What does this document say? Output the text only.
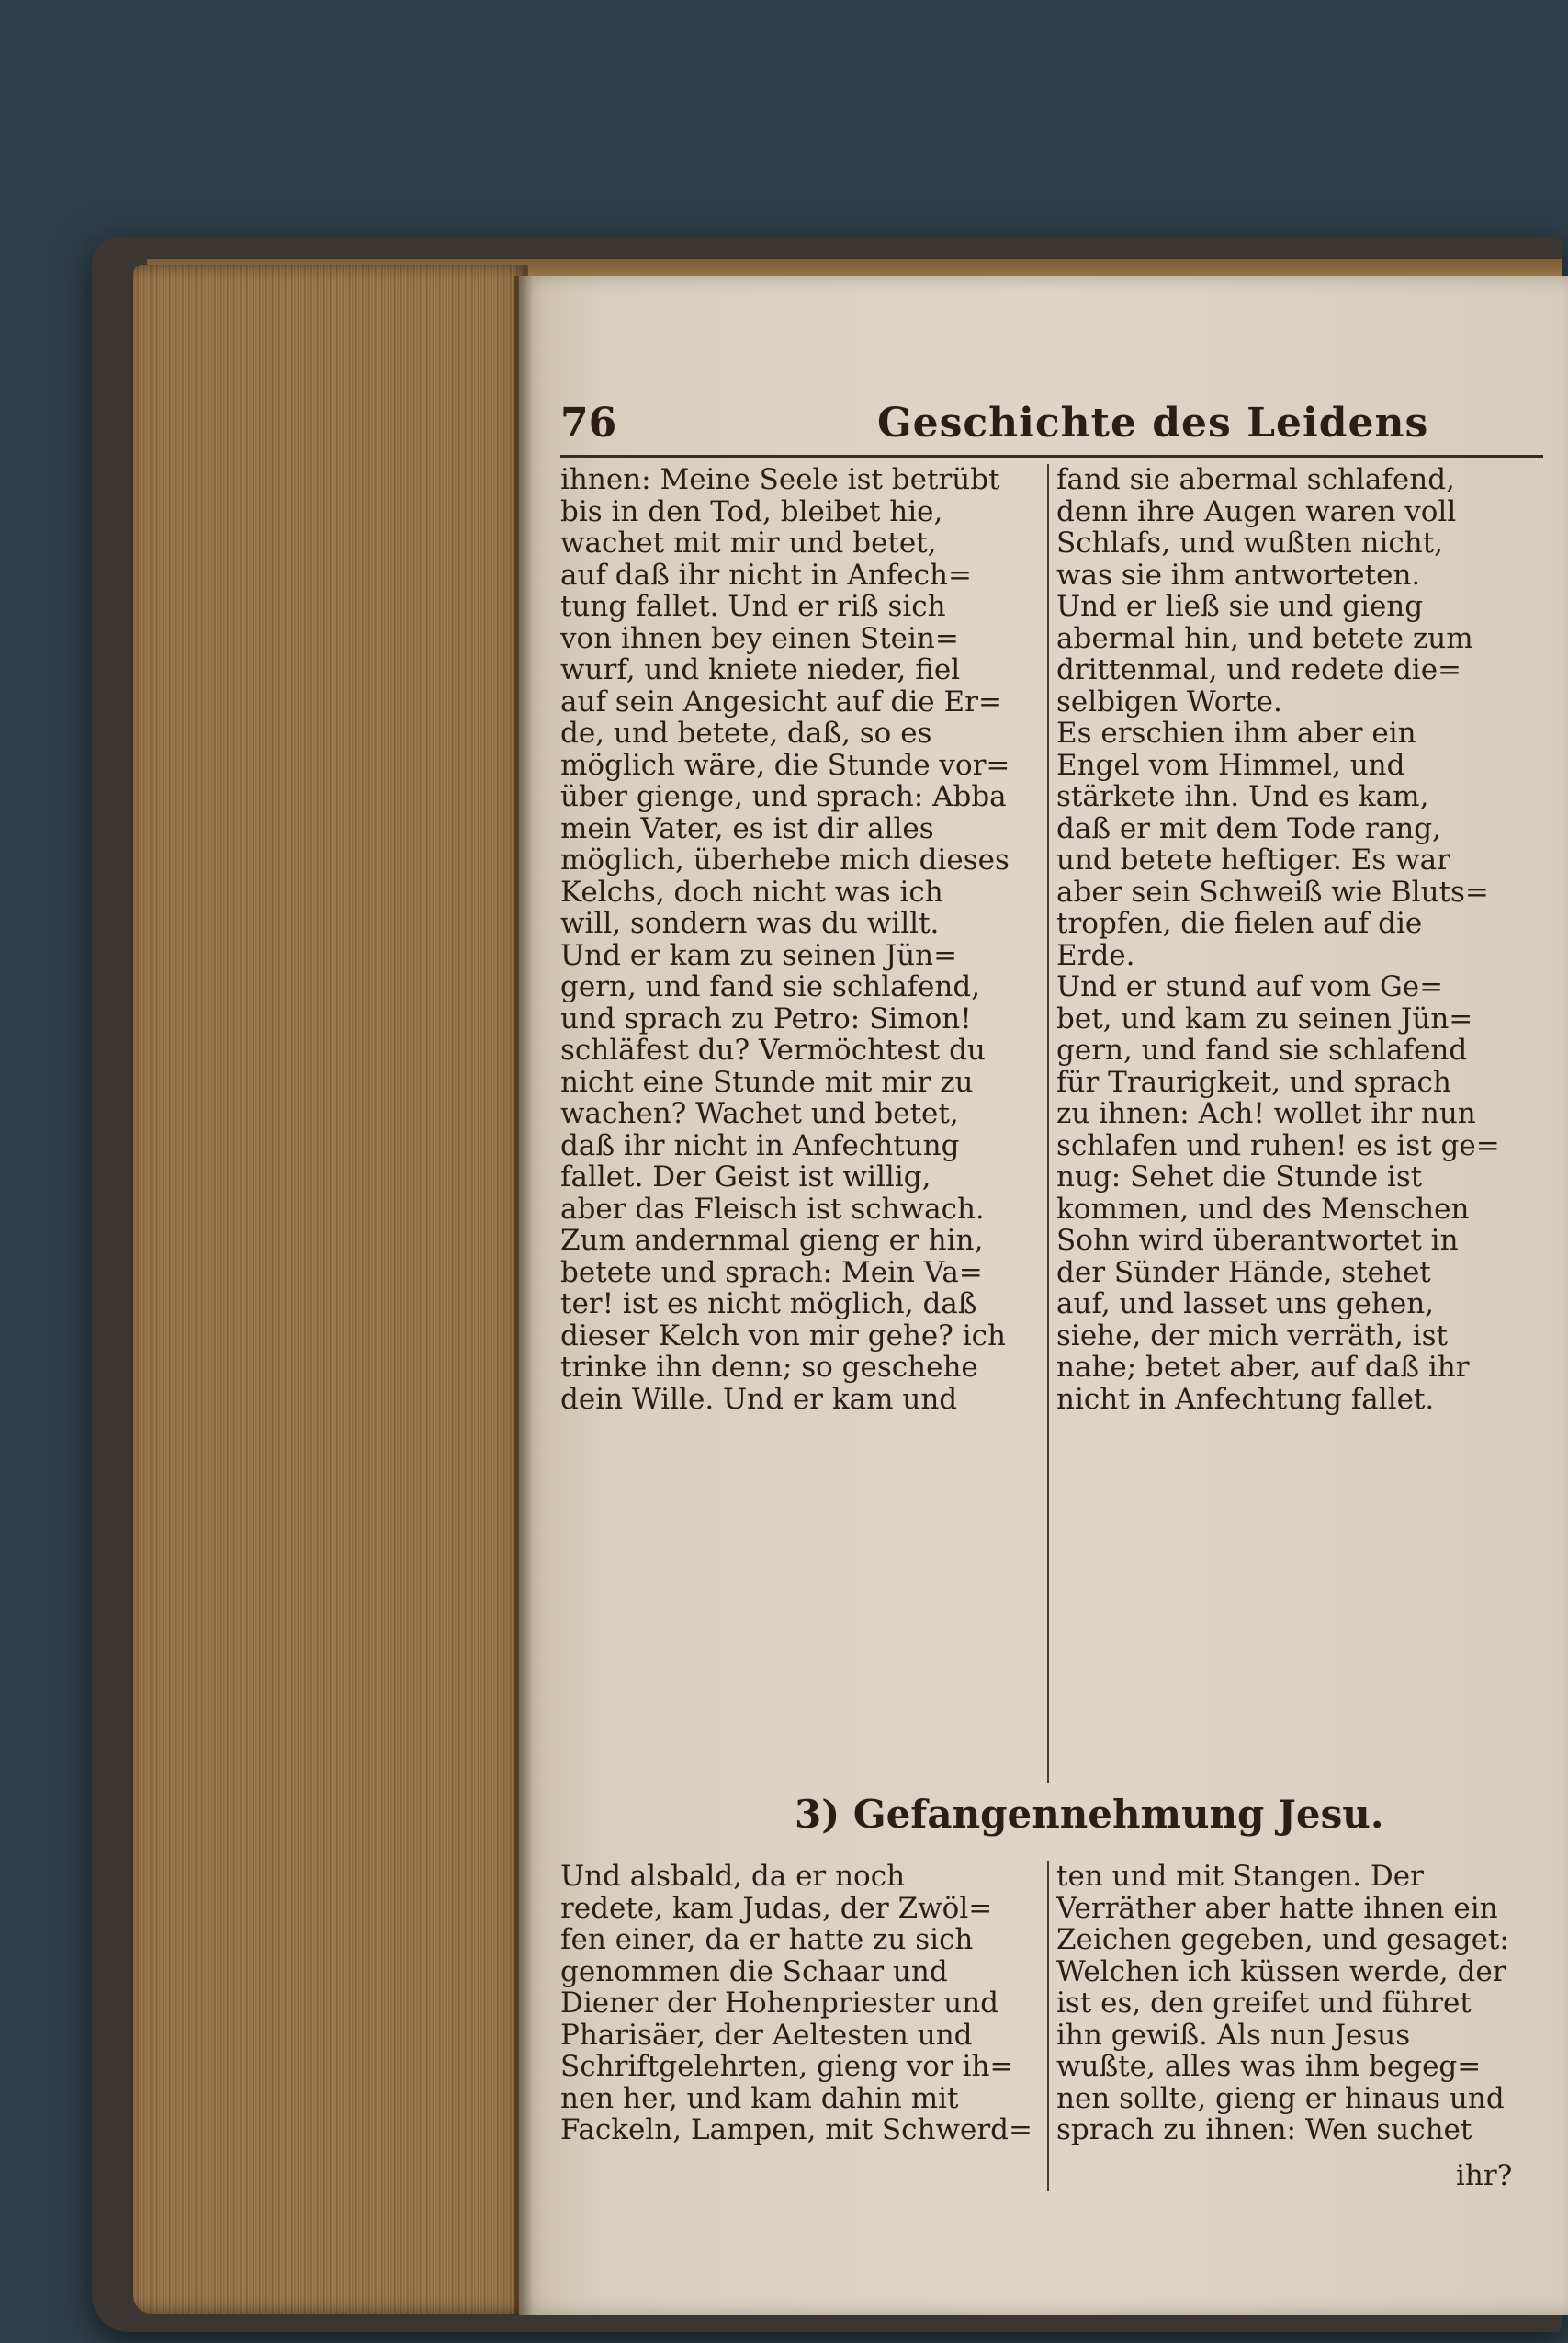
76	Geschichte des Leidens
ihnen: Meine Seele ist betrübt
bis in den Tod, bleibet hie,
wachet mit mir und betet,
auf daß ihr nicht in Anfech=
tung fallet. Und er riß sich
von ihnen bey einen Stein=
wurf, und kniete nieder, fiel
auf sein Angesicht auf die Er=
de, und betete, daß, so es
möglich wäre, die Stunde vor=
über gienge, und sprach: Abba
mein Vater, es ist dir alles
möglich, überhebe mich dieses
Kelchs, doch nicht was ich
will, sondern was du willt.
Und er kam zu seinen Jün=
gern, und fand sie schlafend,
und sprach zu Petro: Simon!
schläfest du? Vermöchtest du
nicht eine Stunde mit mir zu
wachen? Wachet und betet,
daß ihr nicht in Anfechtung
fallet. Der Geist ist willig,
aber das Fleisch ist schwach.
Zum andernmal gieng er hin,
betete und sprach: Mein Va=
ter! ist es nicht möglich, daß
dieser Kelch von mir gehe? ich
trinke ihn denn; so geschehe
dein Wille. Und er kam und
fand sie abermal schlafend,
denn ihre Augen waren voll
Schlafs, und wußten nicht,
was sie ihm antworteten.
Und er ließ sie und gieng
abermal hin, und betete zum
drittenmal, und redete die=
selbigen Worte.
Es erschien ihm aber ein
Engel vom Himmel, und
stärkete ihn. Und es kam,
daß er mit dem Tode rang,
und betete heftiger. Es war
aber sein Schweiß wie Bluts=
tropfen, die fielen auf die
Erde.
Und er stund auf vom Ge=
bet, und kam zu seinen Jün=
gern, und fand sie schlafend
für Traurigkeit, und sprach
zu ihnen: Ach! wollet ihr nun
schlafen und ruhen! es ist ge=
nug: Sehet die Stunde ist
kommen, und des Menschen
Sohn wird überantwortet in
der Sünder Hände, stehet
auf, und lasset uns gehen,
siehe, der mich verräth, ist
nahe; betet aber, auf daß ihr
nicht in Anfechtung fallet.
3) Gefangennehmung Jesu.
Und alsbald, da er noch
redete, kam Judas, der Zwöl=
fen einer, da er hatte zu sich
genommen die Schaar und
Diener der Hohenpriester und
Pharisäer, der Aeltesten und
Schriftgelehrten, gieng vor ih=
nen her, und kam dahin mit
Fackeln, Lampen, mit Schwerd=
ten und mit Stangen. Der
Verräther aber hatte ihnen ein
Zeichen gegeben, und gesaget:
Welchen ich küssen werde, der
ist es, den greifet und führet
ihn gewiß. Als nun Jesus
wußte, alles was ihm begeg=
nen sollte, gieng er hinaus und
sprach zu ihnen: Wen suchet
ihr?
